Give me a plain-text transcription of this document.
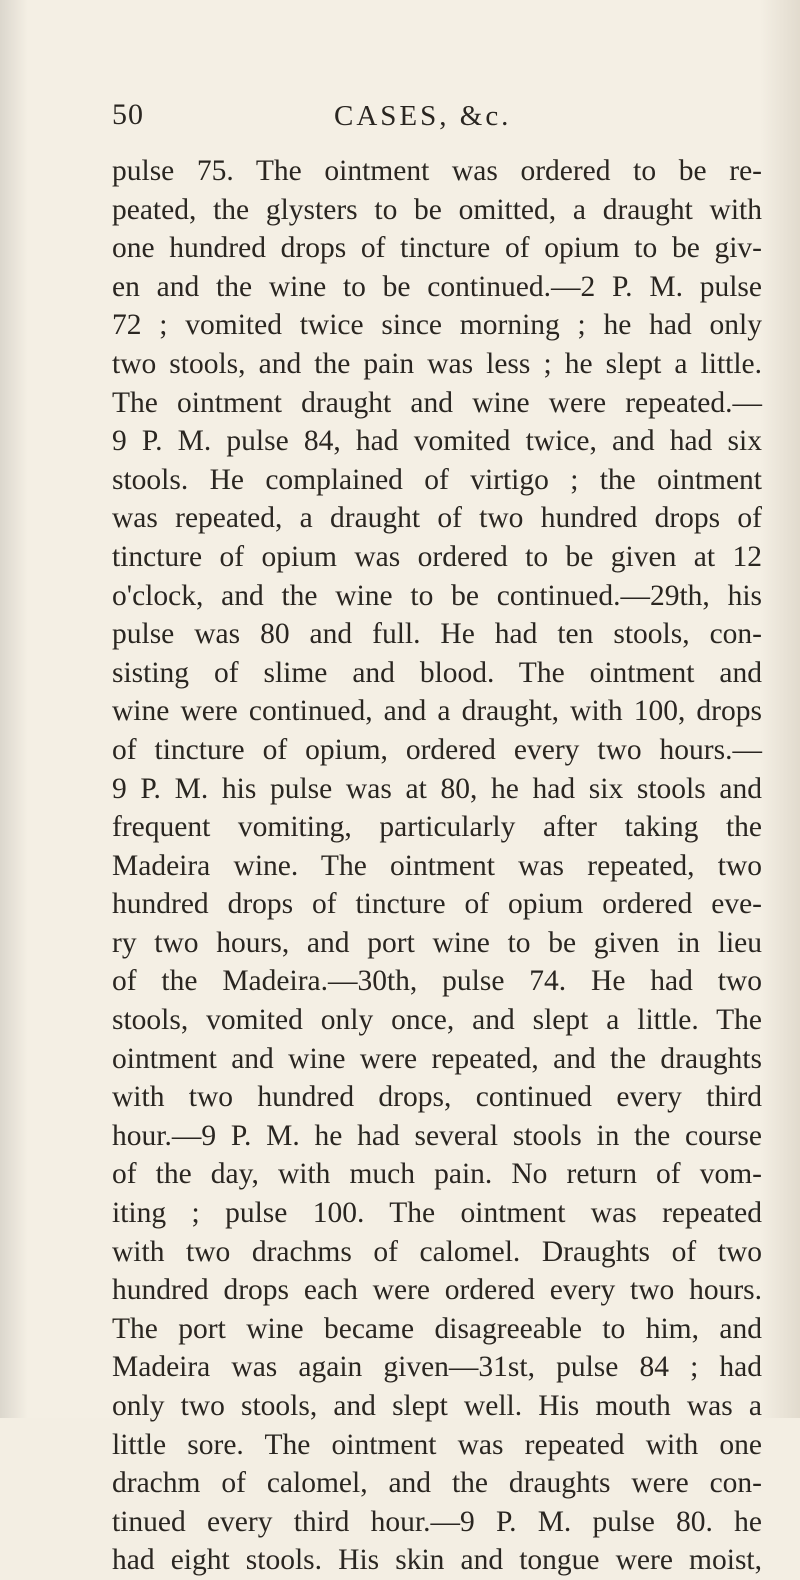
50	CASES, &c.
pulse 75. The ointment was ordered to be re-
peated, the glysters to be omitted, a draught with
one hundred drops of tincture of opium to be giv-
en and the wine to be continued.—2 P. M. pulse
72 ; vomited twice since morning ; he had only
two stools, and the pain was less ; he slept a little.
The ointment draught and wine were repeated.—
9 P. M. pulse 84, had vomited twice, and had six
stools. He complained of virtigo ; the ointment
was repeated, a draught of two hundred drops of
tincture of opium was ordered to be given at 12
o'clock, and the wine to be continued.—29th, his
pulse was 80 and full. He had ten stools, con-
sisting of slime and blood. The ointment and
wine were continued, and a draught, with 100, drops
of tincture of opium, ordered every two hours.—
9 P. M. his pulse was at 80, he had six stools and
frequent vomiting, particularly after taking the
Madeira wine. The ointment was repeated, two
hundred drops of tincture of opium ordered eve-
ry two hours, and port wine to be given in lieu
of the Madeira.—30th, pulse 74. He had two
stools, vomited only once, and slept a little. The
ointment and wine were repeated, and the draughts
with two hundred drops, continued every third
hour.—9 P. M. he had several stools in the course
of the day, with much pain. No return of vom-
iting ; pulse 100. The ointment was repeated
with two drachms of calomel. Draughts of two
hundred drops each were ordered every two hours.
The port wine became disagreeable to him, and
Madeira was again given—31st, pulse 84 ; had
only two stools, and slept well. His mouth was a
little sore. The ointment was repeated with one
drachm of calomel, and the draughts were con-
tinued every third hour.—9 P. M. pulse 80. he
had eight stools. His skin and tongue were moist,
